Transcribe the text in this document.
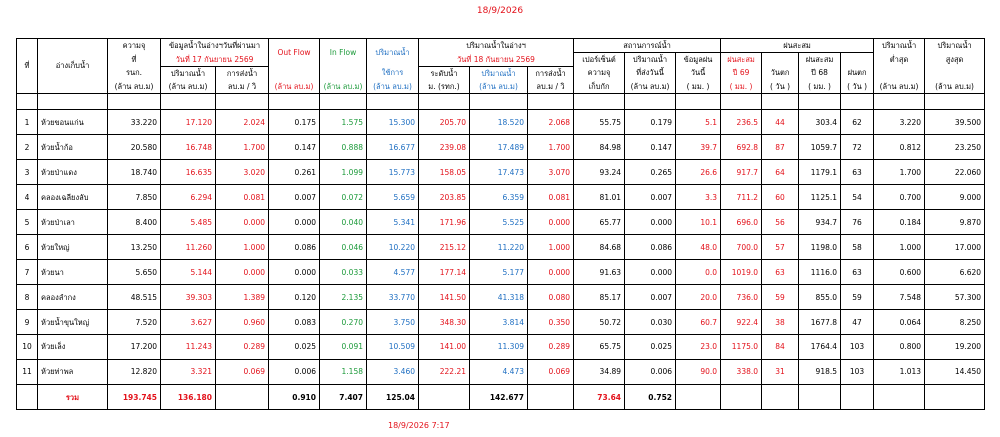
18/9/2026
ที่	อ่างเก็บน้ำ	ความจุ	ข้อมูลน้ำในอ่างฯวันที่ผ่านมา		Out Flow	In Flow	ปริมาณน้ำ	ปริมาณน้ำในอ่างฯ			สถานการณ์น้ำ			ฝนสะสม				ปริมาณน้ำ	ปริมาณน้ำ
		ที่	วันที่ 17 กันยายน 2569					วันที่ 18 กันยายน 2569			เปอร์เซ็นต์	ปริมาณน้ำ	ข้อมูลฝน	ฝนสะสม		ฝนสะสม		ต่ำสุด	สูงสุด
		รนก.	ปริมาณน้ำ	การส่งน้ำ			ใช้การ	ระดับน้ำ	ปริมาณน้ำ	การส่งน้ำ	ความจุ	ที่ส่งวันนี้	วันนี้	ปี 69	วันตก	ปี 68	ฝนตก		
		(ล้าน ลบ.ม)	(ล้าน ลบ.ม)	ลบ.ม / วิ	(ล้าน ลบ.ม)	(ล้าน ลบ.ม)	(ล้าน ลบ.ม)	ม. (รทก.)	(ล้าน ลบ.ม)	ลบ.ม / วิ	เก็บกัก	(ล้าน ลบ.ม)	( มม. )	( มม. )	( วัน )	( มม. )	( วัน )	(ล้าน ลบ.ม)	(ล้าน ลบ.ม)

1	ห้วยขอนแก่น	33.220	17.120	2.024	0.175	1.575	15.300	205.70	18.520	2.068	55.75	0.179	5.1	236.5	44	303.4	62	3.220	39.500
2	ห้วยน้ำก้อ	20.580	16.748	1.700	0.147	0.888	16.677	239.08	17.489	1.700	84.98	0.147	39.7	692.8	87	1059.7	72	0.812	23.250
3	ห้วยป่าแดง	18.740	16.635	3.020	0.261	1.099	15.773	158.05	17.473	3.070	93.24	0.265	26.6	917.7	64	1179.1	63	1.700	22.060
4	คลองเฉลียงลับ	7.850	6.294	0.081	0.007	0.072	5.659	203.85	6.359	0.081	81.01	0.007	3.3	711.2	60	1125.1	54	0.700	9.000
5	ห้วยป่าเลา	8.400	5.485	0.000	0.000	0.040	5.341	171.96	5.525	0.000	65.77	0.000	10.1	696.0	56	934.7	76	0.184	9.870
6	ห้วยใหญ่	13.250	11.260	1.000	0.086	0.046	10.220	215.12	11.220	1.000	84.68	0.086	48.0	700.0	57	1198.0	58	1.000	17.000
7	ห้วยนา	5.650	5.144	0.000	0.000	0.033	4.577	177.14	5.177	0.000	91.63	0.000	0.0	1019.0	63	1116.0	63	0.600	6.620
8	คลองลำกง	48.515	39.303	1.389	0.120	2.135	33.770	141.50	41.318	0.080	85.17	0.007	20.0	736.0	59	855.0	59	7.548	57.300
9	ห้วยน้ำขุนใหญ่	7.520	3.627	0.960	0.083	0.270	3.750	348.30	3.814	0.350	50.72	0.030	60.7	922.4	38	1677.8	47	0.064	8.250
10	ห้วยเล็ง	17.200	11.243	0.289	0.025	0.091	10.509	141.00	11.309	0.289	65.75	0.025	23.0	1175.0	84	1764.4	103	0.800	19.200
11	ห้วยท่าพล	12.820	3.321	0.069	0.006	1.158	3.460	222.21	4.473	0.069	34.89	0.006	90.0	338.0	31	918.5	103	1.013	14.450
	รวม	193.745	136.180		0.910	7.407	125.04		142.677		73.64	0.752							
18/9/2026 7:17
